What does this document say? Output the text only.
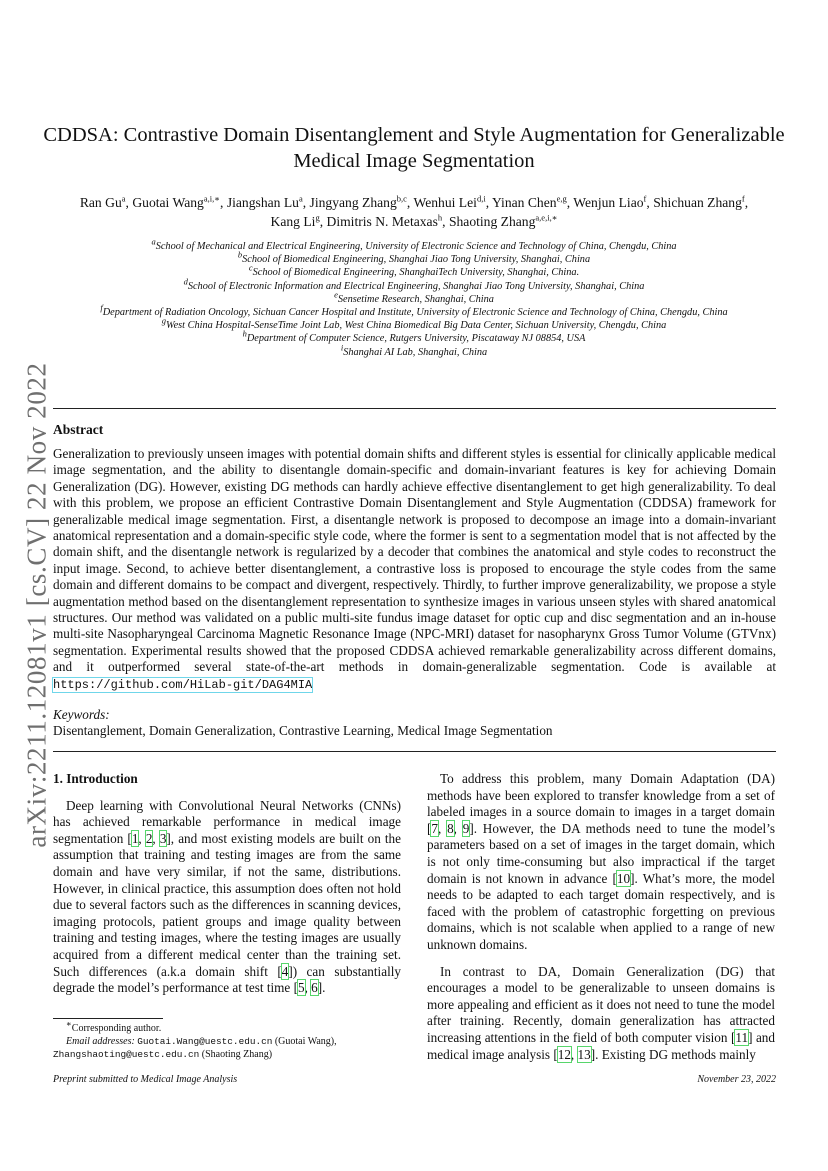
arXiv:2211.12081v1 [cs.CV] 22 Nov 2022
CDDSA: Contrastive Domain Disentanglement and Style Augmentation for Generalizable Medical Image Segmentation
Ran Gu$^a$, Guotai Wang$^{a,i,∗}$, Jiangshan Lu$^a$, Jingyang Zhang$^{b,c}$, Wenhui Lei$^{d,i}$, Yinan Chen$^{e,g}$, Wenjun Liao$^f$, Shichuan Zhang$^f$,
Kang Li$^g$, Dimitris N. Metaxas$^h$, Shaoting Zhang$^{a,e,i,∗}$
$^a$School of Mechanical and Electrical Engineering, University of Electronic Science and Technology of China, Chengdu, China
$^b$School of Biomedical Engineering, Shanghai Jiao Tong University, Shanghai, China
$^c$School of Biomedical Engineering, ShanghaiTech University, Shanghai, China.
$^d$School of Electronic Information and Electrical Engineering, Shanghai Jiao Tong University, Shanghai, China
$^e$Sensetime Research, Shanghai, China
$^f$Department of Radiation Oncology, Sichuan Cancer Hospital and Institute, University of Electronic Science and Technology of China, Chengdu, China
$^g$West China Hospital-SenseTime Joint Lab, West China Biomedical Big Data Center, Sichuan University, Chengdu, China
$^h$Department of Computer Science, Rutgers University, Piscataway NJ 08854, USA
$^i$Shanghai AI Lab, Shanghai, China
Abstract
Generalization to previously unseen images with potential domain shifts and different styles is essential for clinically applicable medical image segmentation, and the ability to disentangle domain-specific and domain-invariant features is key for achieving Domain Generalization (DG). However, existing DG methods can hardly achieve effective disentanglement to get high generalizability. To deal with this problem, we propose an efficient Contrastive Domain Disentanglement and Style Augmentation (CDDSA) framework for generalizable medical image segmentation. First, a disentangle network is proposed to decompose an image into a domain-invariant anatomical representation and a domain-specific style code, where the former is sent to a segmentation model that is not affected by the domain shift, and the disentangle network is regularized by a decoder that combines the anatomical and style codes to reconstruct the input image. Second, to achieve better disentanglement, a contrastive loss is proposed to encourage the style codes from the same domain and different domains to be compact and divergent, respectively. Thirdly, to further improve generalizability, we propose a style augmentation method based on the disentanglement representation to synthesize images in various unseen styles with shared anatomical structures. Our method was validated on a public multi-site fundus image dataset for optic cup and disc segmentation and an in-house multi-site Nasopharyngeal Carcinoma Magnetic Resonance Image (NPC-MRI) dataset for nasopharynx Gross Tumor Volume (GTVnx) segmentation. Experimental results showed that the proposed CDDSA achieved remarkable generalizability across different domains, and it outperformed several state-of-the-art methods in domain-generalizable segmentation. Code is available at https://github.com/HiLab-git/DAG4MIA
Keywords:
Disentanglement, Domain Generalization, Contrastive Learning, Medical Image Segmentation
1. Introduction

Deep learning with Convolutional Neural Networks (CNNs) has achieved remarkable performance in medical image segmentation [1, 2, 3], and most existing models are built on the assumption that training and testing images are from the same domain and have very similar, if not the same, distributions. However, in clinical practice, this assumption does often not hold due to several factors such as the differences in scanning devices, imaging protocols, patient groups and image quality between training and testing images, where the testing images are usually acquired from a different medical center than the training set. Such differences (a.k.a domain shift [4]) can substantially degrade the model’s performance at test time [5, 6].

To address this problem, many Domain Adaptation (DA) methods have been explored to transfer knowledge from a set of labeled images in a source domain to images in a target domain [7, 8, 9]. However, the DA methods need to tune the model’s parameters based on a set of images in the target domain, which is not only time-consuming but also impractical if the target domain is not known in advance [10]. What’s more, the model needs to be adapted to each target domain respectively, and is faced with the problem of catastrophic forgetting on previous domains, which is not scalable when applied to a range of new unknown domains.

In contrast to DA, Domain Generalization (DG) that encourages a model to be generalizable to unseen domains is more appealing and efficient as it does not need to tune the model after training. Recently, domain generalization has attracted increasing attentions in the field of both computer vision [11] and medical image analysis [12, 13]. Existing DG methods mainly

∗Corresponding author.
Email addresses: Guotai.Wang@uestc.edu.cn (Guotai Wang),
Zhangshaoting@uestc.edu.cn (Shaoting Zhang)
Preprint submitted to Medical Image Analysis	November 23, 2022
